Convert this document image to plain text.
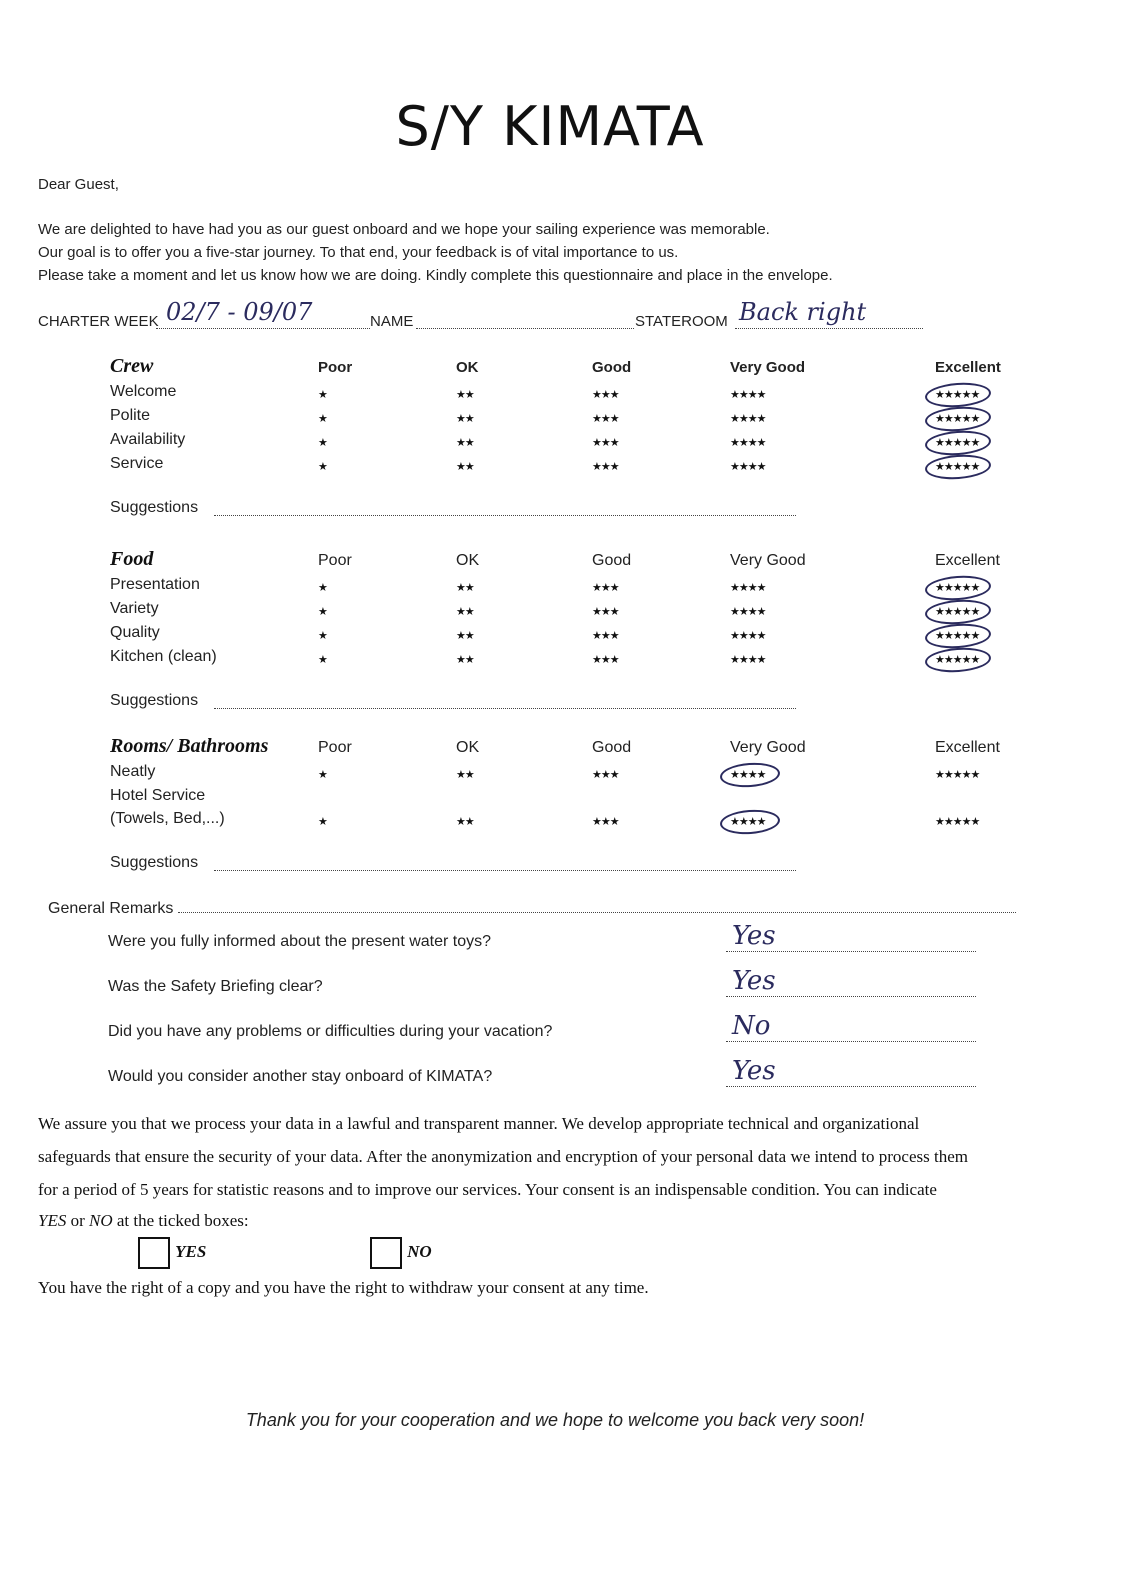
S/Y KIMATA
Dear Guest,
We are delighted to have had you as our guest onboard and we hope your sailing experience was memorable.
Our goal is to offer you a five-star journey. To that end, your feedback is of vital importance to us.
Please take a moment and let us know how we are doing. Kindly complete this questionnaire and place in the envelope.
CHARTER WEEK 02/7 - 09/07	NAME	STATEROOM Back right
Crew	Poor	OK	Good	Very Good	Excellent
Welcome	★	★★	★★★	★★★★	★★★★★
Polite	★	★★	★★★	★★★★	★★★★★
Availability	★	★★	★★★	★★★★	★★★★★
Service	★	★★	★★★	★★★★	★★★★★
Suggestions
Food	Poor	OK	Good	Very Good	Excellent
Presentation	★	★★	★★★	★★★★	★★★★★
Variety	★	★★	★★★	★★★★	★★★★★
Quality	★	★★	★★★	★★★★	★★★★★
Kitchen (clean)	★	★★	★★★	★★★★	★★★★★
Suggestions
Rooms/ Bathrooms	Poor	OK	Good	Very Good	Excellent
Neatly	★	★★	★★★	★★★★	★★★★★
Hotel Service
(Towels, Bed,...)	★	★★	★★★	★★★★	★★★★★
Suggestions
General Remarks
Were you fully informed about the present water toys?	Yes
Was the Safety Briefing clear?	Yes
Did you have any problems or difficulties during your vacation?	No
Would you consider another stay onboard of KIMATA?	Yes
We assure you that we process your data in a lawful and transparent manner. We develop appropriate technical and organizational
safeguards that ensure the security of your data. After the anonymization and encryption of your personal data we intend to process them
for a period of 5 years for statistic reasons and to improve our services. Your consent is an indispensable condition. You can indicate
YES or NO at the ticked boxes:
YES	NO
You have the right of a copy and you have the right to withdraw your consent at any time.
Thank you for your cooperation and we hope to welcome you back very soon!
